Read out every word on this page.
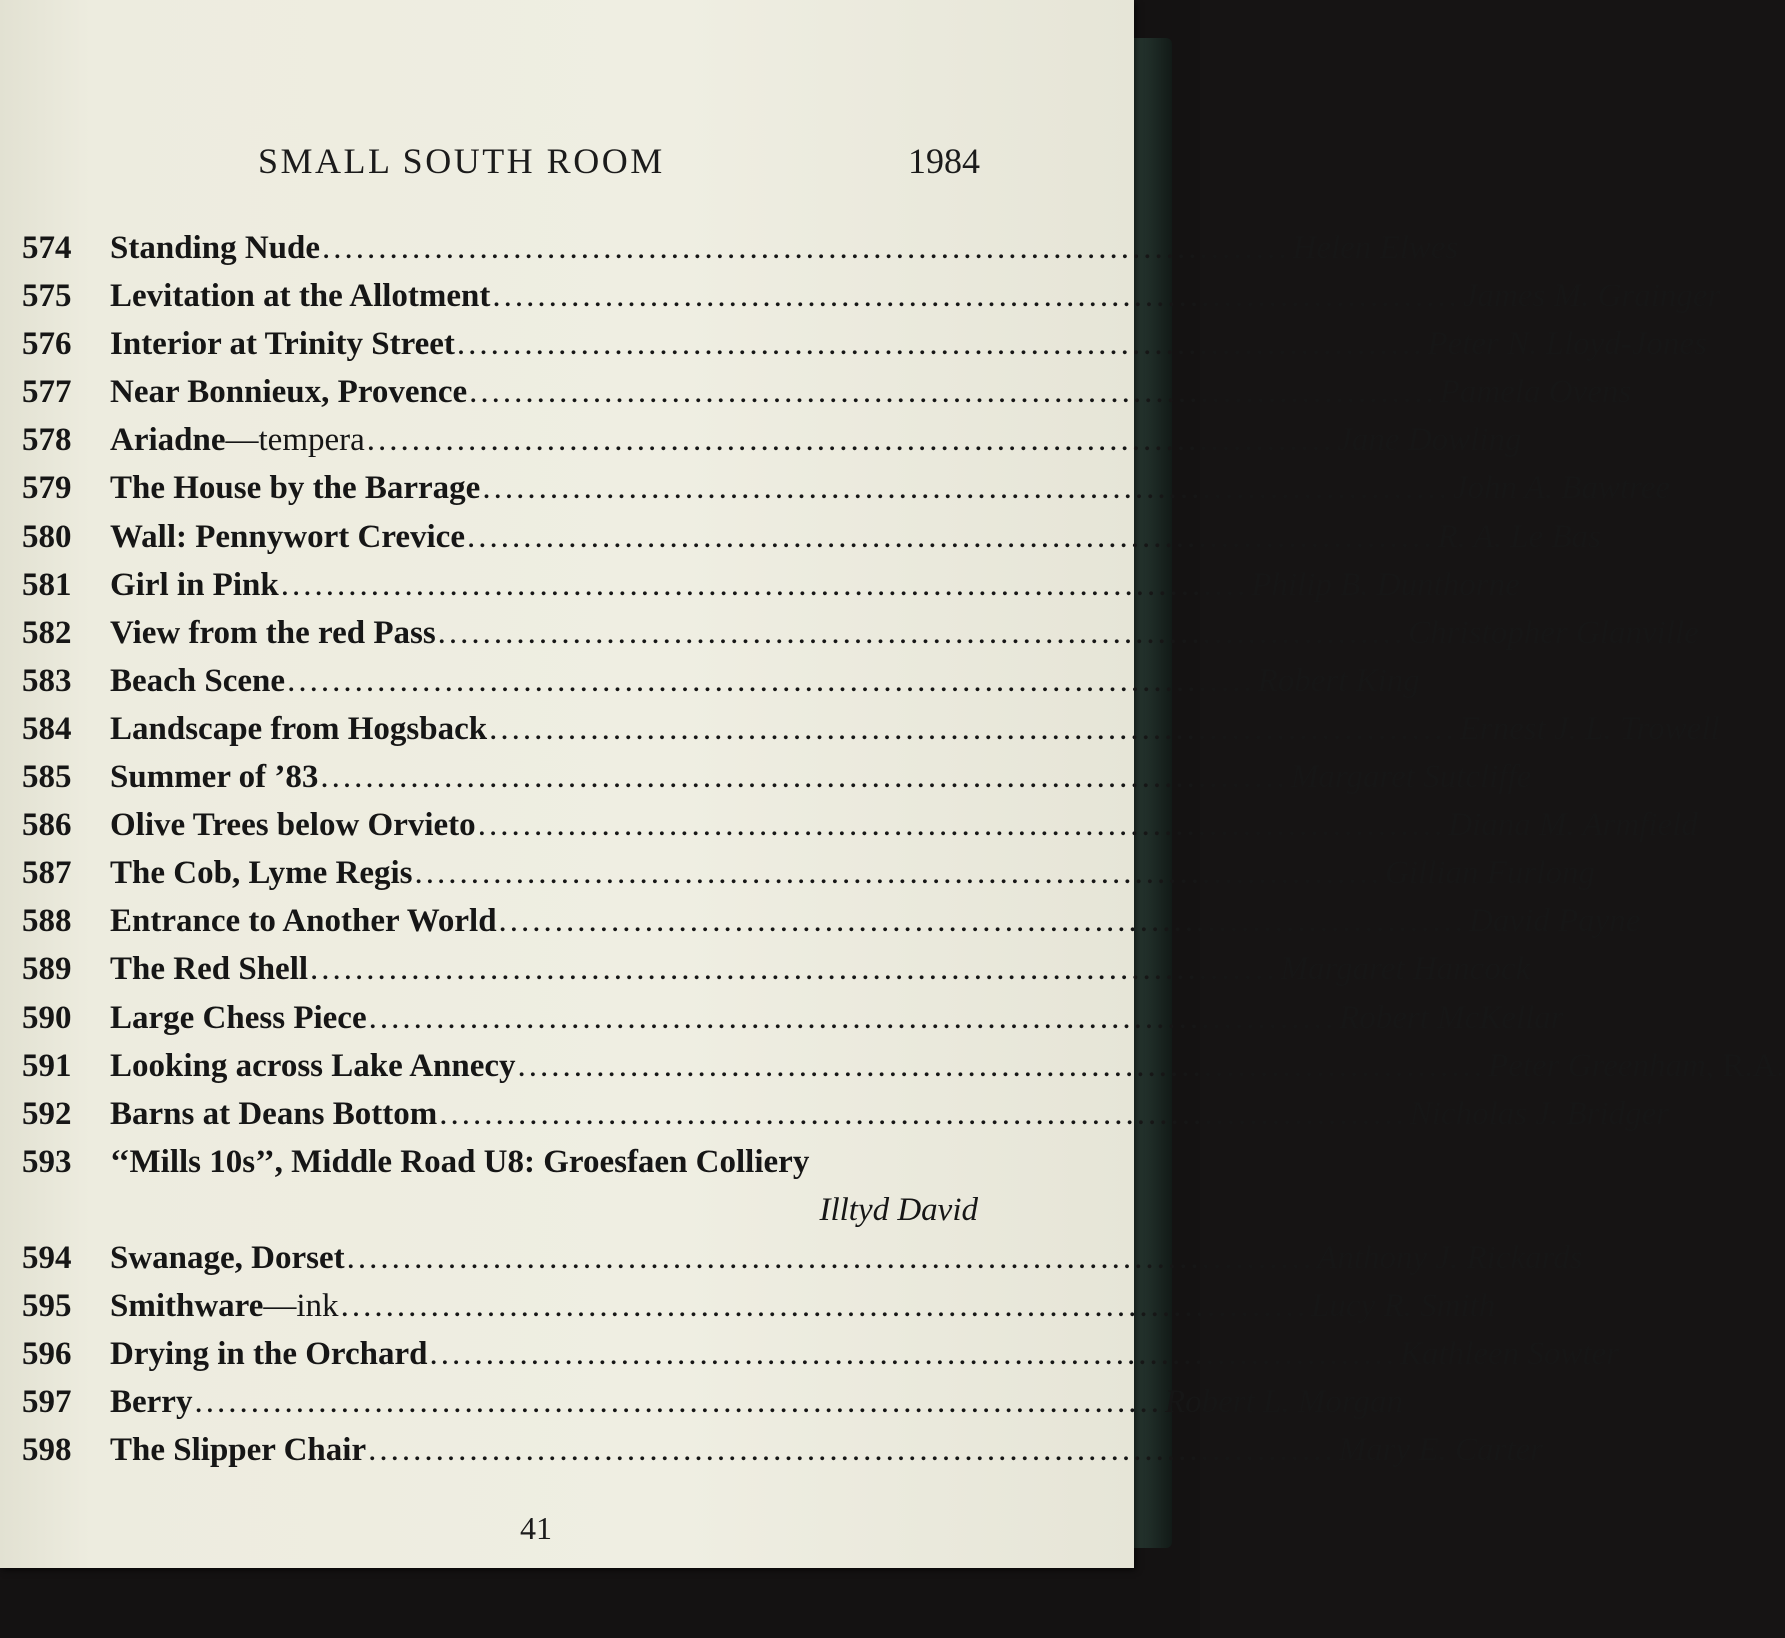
SMALL SOUTH ROOM	1984
574	Standing Nude ...................................................................................... Helen Elwes
575	Levitation at the Allotment ...................................................................................... James M. Grainger
576	Interior at Trinity Street ...................................................................................... Peter N. Lloyd-Jones
577	Near Bonnieux, Provence ...................................................................................... Pamela Ovens
578	Ariadne—tempera ...................................................................................... Jane Dowling
579	The House by the Barrage ...................................................................................... John A. Bawtree
580	Wall: Pennywort Crevice ...................................................................................... R. A. Le Bas
581	Girl in Pink ...................................................................................... Philip B. Dunthorne
582	View from the red Pass ...................................................................................... Christopher Glanville
583	Beach Scene ...................................................................................... Robert King
584	Landscape from Hogsback ...................................................................................... Ernest J. L. Trowell
585	Summer of ’83 ...................................................................................... Margaret Sutcliffe
586	Olive Trees below Orvieto ...................................................................................... Diana M. Armfield
587	The Cob, Lyme Regis ...................................................................................... Gillian Furlong
588	Entrance to Another World ...................................................................................... David Payne
589	The Red Shell ...................................................................................... Margaret Hancock
590	Large Chess Piece ...................................................................................... Robert McKellar
591	Looking across Lake Annecy ...................................................................................... Peter Greenham, R.A.
592	Barns at Deans Bottom ...................................................................................... Nicholas J. Bridger
593	‘‘Mills 10s’’, Middle Road U8: Groesfaen Colliery
Illtyd David
594	Swanage, Dorset ...................................................................................... Anthony J. Rickards
595	Smithware—ink ...................................................................................... Lucy R. Smith
596	Drying in the Orchard ...................................................................................... Kathleen Sowter
597	Berry ...................................................................................... Robert L. Morgan
598	The Slipper Chair ...................................................................................... Mary E. Carter
41
